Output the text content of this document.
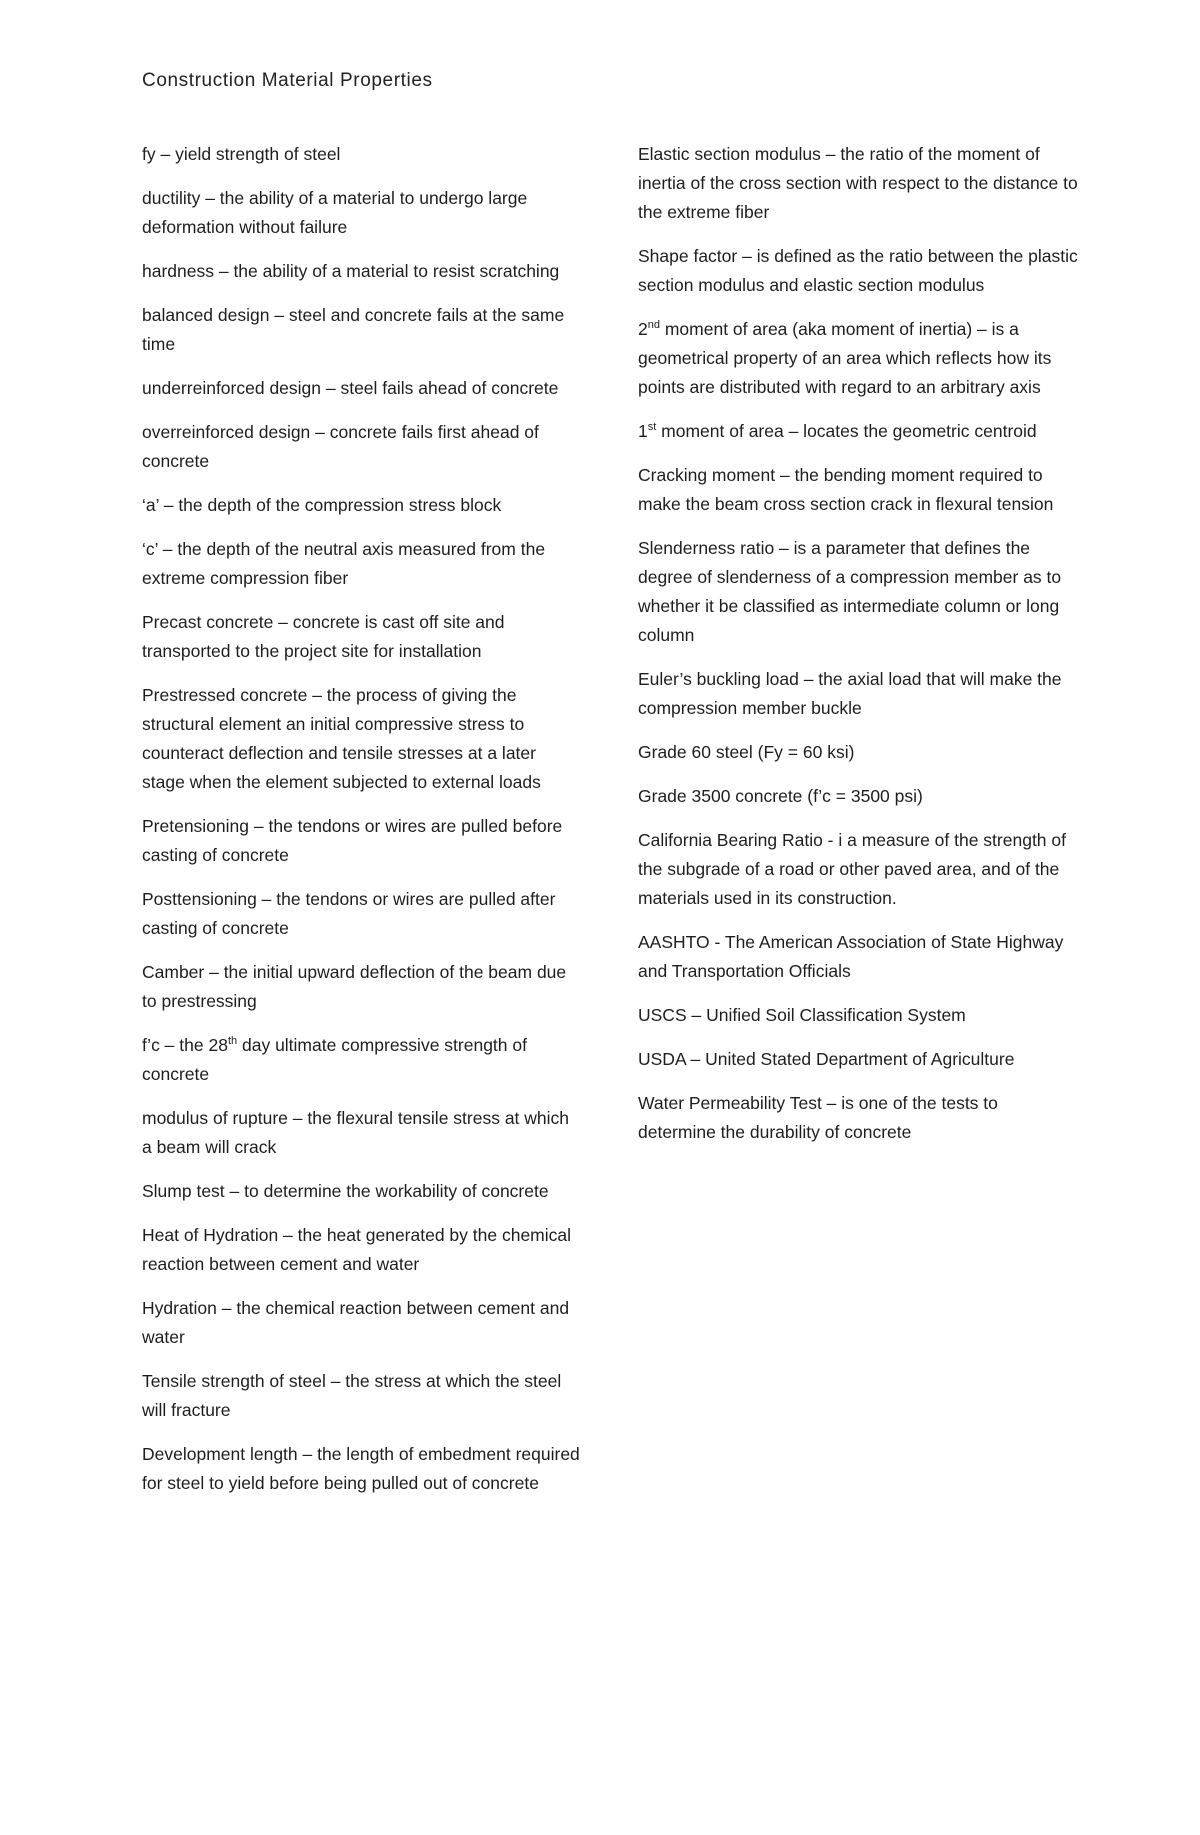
Construction Material Properties

fy – yield strength of steel

ductility – the ability of a material to undergo large deformation without failure

hardness – the ability of a material to resist scratching

balanced design – steel and concrete fails at the same time

underreinforced design – steel fails ahead of concrete

overreinforced design – concrete fails first ahead of concrete

‘a’ – the depth of the compression stress block

‘c’ – the depth of the neutral axis measured from the extreme compression fiber

Precast concrete – concrete is cast off site and transported to the project site for installation

Prestressed concrete – the process of giving the structural element an initial compressive stress to counteract deflection and tensile stresses at a later stage when the element subjected to external loads

Pretensioning – the tendons or wires are pulled before casting of concrete

Posttensioning – the tendons or wires are pulled after casting of concrete

Camber – the initial upward deflection of the beam due to prestressing

f’c – the 28th day ultimate compressive strength of concrete

modulus of rupture – the flexural tensile stress at which a beam will crack

Slump test – to determine the workability of concrete

Heat of Hydration – the heat generated by the chemical reaction between cement and water

Hydration – the chemical reaction between cement and water

Tensile strength of steel – the stress at which the steel will fracture

Development length – the length of embedment required for steel to yield before being pulled out of concrete

Elastic section modulus – the ratio of the moment of inertia of the cross section with respect to the distance to the extreme fiber

Shape factor – is defined as the ratio between the plastic section modulus and elastic section modulus

2nd moment of area (aka moment of inertia) – is a geometrical property of an area which reflects how its points are distributed with regard to an arbitrary axis

1st moment of area – locates the geometric centroid

Cracking moment – the bending moment required to make the beam cross section crack in flexural tension

Slenderness ratio – is a parameter that defines the degree of slenderness of a compression member as to whether it be classified as intermediate column or long column

Euler’s buckling load – the axial load that will make the compression member buckle

Grade 60 steel (Fy = 60 ksi)

Grade 3500 concrete (f’c = 3500 psi)

California Bearing Ratio - i a measure of the strength of the subgrade of a road or other paved area, and of the materials used in its construction.

AASHTO - The American Association of State Highway and Transportation Officials

USCS – Unified Soil Classification System

USDA – United Stated Department of Agriculture

Water Permeability Test – is one of the tests to determine the durability of concrete
